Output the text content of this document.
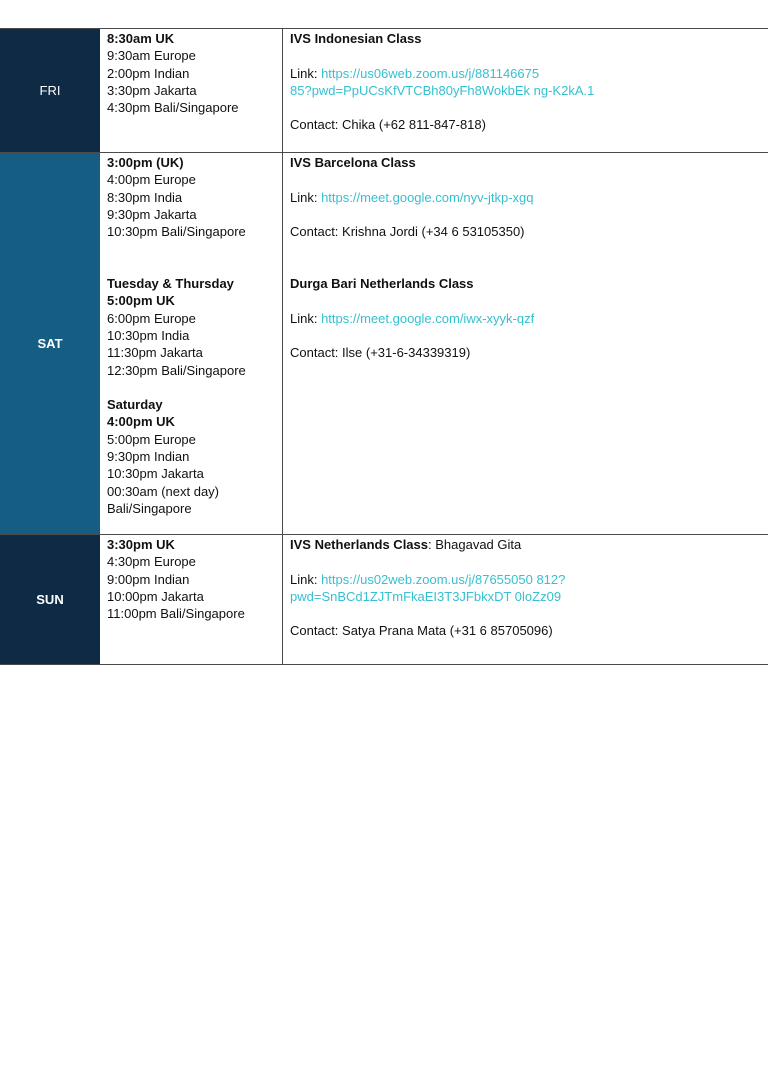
FRI
8:30am UK
9:30am Europe
2:00pm Indian
3:30pm Jakarta
4:30pm Bali/Singapore
IVS Indonesian Class
Link: https://us06web.zoom.us/j/881146675
85?pwd=PpUCsKfVTCBh80yFh8WokbEk ng-K2kA.1
Contact: Chika (+62 811-847-818)
SAT
3:00pm (UK)
4:00pm Europe
8:30pm India
9:30pm Jakarta
10:30pm Bali/Singapore
Tuesday & Thursday
5:00pm UK
6:00pm Europe
10:30pm India
11:30pm Jakarta
12:30pm Bali/Singapore
Saturday
4:00pm UK
5:00pm Europe
9:30pm Indian
10:30pm Jakarta
00:30am (next day)
Bali/Singapore
IVS Barcelona Class
Link: https://meet.google.com/nyv-jtkp-xgq
Contact: Krishna Jordi (+34 6 53105350)
Durga Bari Netherlands Class
Link: https://meet.google.com/iwx-xyyk-qzf
Contact: Ilse (+31-6-34339319)
SUN
3:30pm UK
4:30pm Europe
9:00pm Indian
10:00pm Jakarta
11:00pm Bali/Singapore
IVS Netherlands Class: Bhagavad Gita
Link: https://us02web.zoom.us/j/87655050 812?
pwd=SnBCd1ZJTmFkaEI3T3JFbkxDT 0loZz09
Contact: Satya Prana Mata (+31 6 85705096)
